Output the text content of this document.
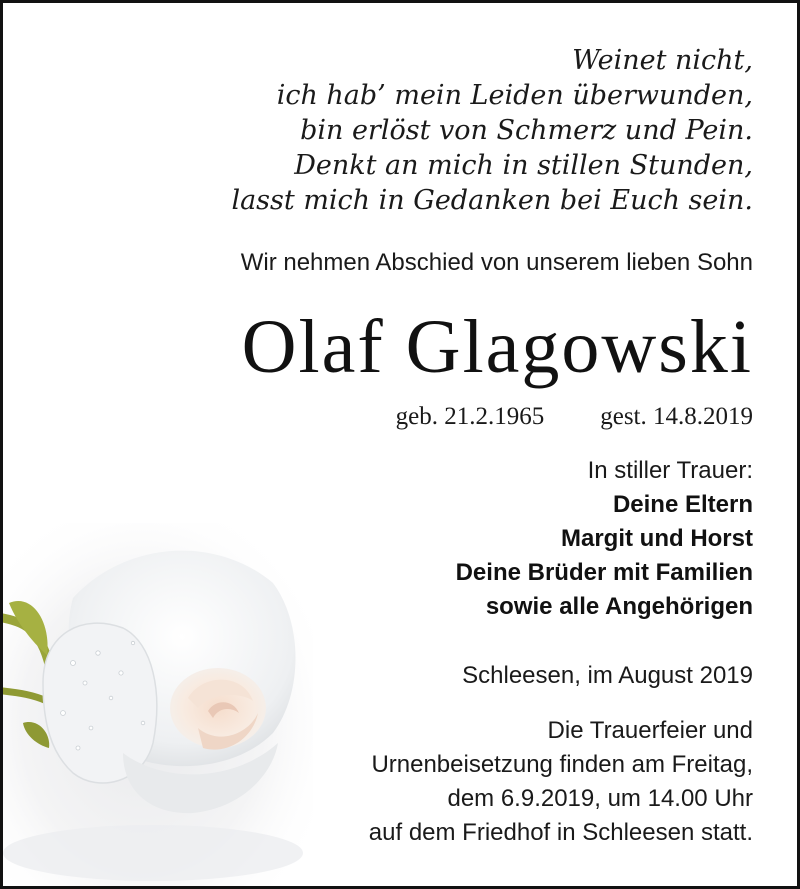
Weinet nicht,
ich hab’ mein Leiden überwunden,
bin erlöst von Schmerz und Pein.
Denkt an mich in stillen Stunden,
lasst mich in Gedanken bei Euch sein.
Wir nehmen Abschied von unserem lieben Sohn
Olaf Glagowski
geb. 21.2.1965 gest. 14.8.2019
In stiller Trauer:
Deine Eltern
Margit und Horst
Deine Brüder mit Familien
sowie alle Angehörigen
Schleesen, im August 2019
Die Trauerfeier und
Urnenbeisetzung finden am Freitag,
dem 6.9.2019, um 14.00 Uhr
auf dem Friedhof in Schleesen statt.
